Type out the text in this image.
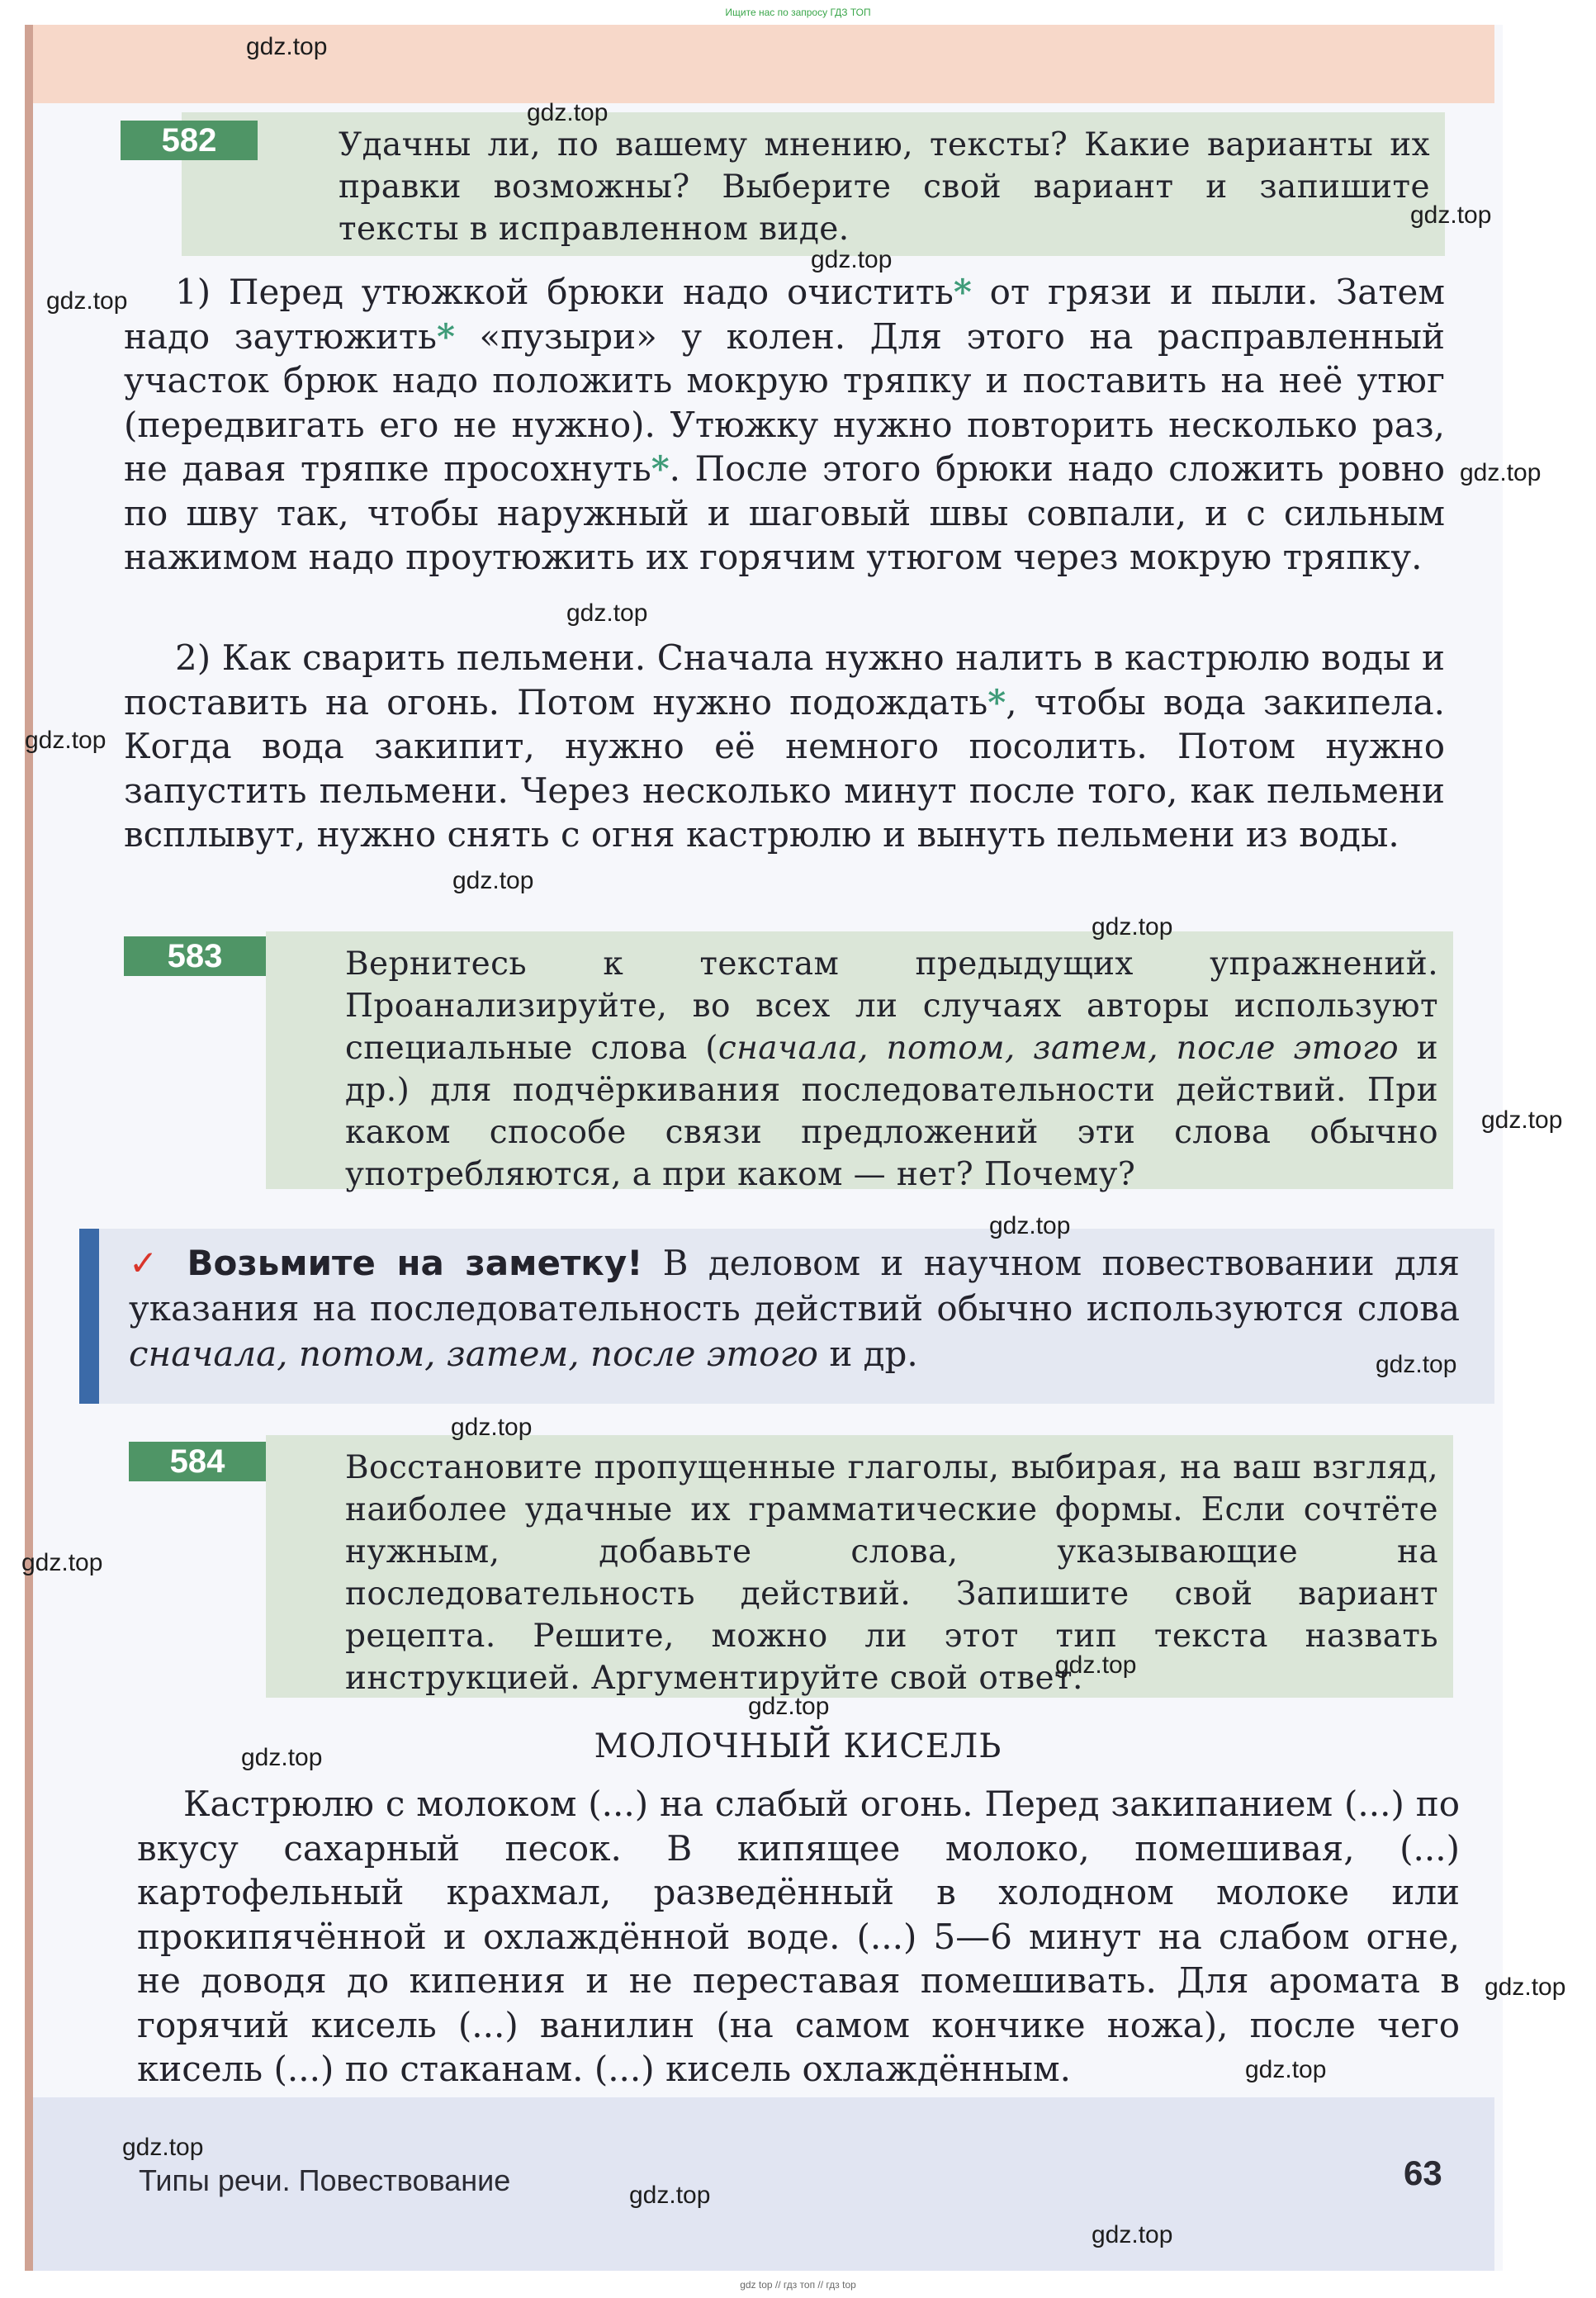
Ищите нас по запросу ГДЗ ТОП

Удачны ли, по вашему мнению, тексты? Какие варианты их правки возможны? Выберите свой вариант и запишите тексты в исправленном виде.

582

1) Перед утюжкой брюки надо очистить* от грязи и пыли. Затем надо заутюжить* «пузыри» у колен. Для этого на расправленный участок брюк надо положить мокрую тряпку и поставить на неё утюг (передвигать его не нужно). Утюжку нужно повторить несколько раз, не давая тряпке просохнуть*. После этого брюки надо сложить ровно по шву так, чтобы наружный и шаговый швы совпали, и с сильным нажимом надо проутюжить их горячим утюгом через мокрую тряпку.

2) Как сварить пельмени. Сначала нужно налить в кастрюлю воды и поставить на огонь. Потом нужно подождать*, чтобы вода закипела. Когда вода закипит, нужно её немного посолить. Потом нужно запустить пельмени. Через несколько минут после того, как пельмени всплывут, нужно снять с огня кастрюлю и вынуть пельмени из воды.

Вернитесь к текстам предыдущих упражнений. Проанализируйте, во всех ли случаях авторы используют специальные слова (сначала, потом, затем, после этого и др.) для подчёркивания последовательности действий. При каком способе связи предложений эти слова обычно употребляются, а при каком — нет? Почему?

583

✓ Возьмите на заметку! В деловом и научном повествовании для указания на последовательность действий обычно используются слова сначала, потом, затем, после этого и др.

Восстановите пропущенные глаголы, выбирая, на ваш взгляд, наиболее удачные их грамматические формы. Если сочтёте нужным, добавьте слова, указывающие на последовательность действий. Запишите свой вариант рецепта. Решите, можно ли этот тип текста назвать инструкцией. Аргументируйте свой ответ.

584
МОЛОЧНЫЙ КИСЕЛЬ

Кастрюлю с молоком (...) на слабый огонь. Перед закипанием (...) по вкусу сахарный песок. В кипящее молоко, помешивая, (...) картофельный крахмал, разведённый в холодном молоке или прокипячённой и охлаждённой воде. (...) 5—6 минут на слабом огне, не доводя до кипения и не переставая помешивать. Для аромата в горячий кисель (...) ванилин (на самом кончике ножа), после чего кисель (...) по стаканам. (...) кисель охлаждённым.

Типы речи. Повествование	63
gdz.top
gdz.top
gdz.top
gdz.top
gdz.top
gdz.top
gdz.top
gdz.top
gdz.top
gdz.top
gdz.top
gdz.top
gdz.top
gdz.top
gdz.top
gdz.top
gdz.top
gdz.top
gdz.top
gdz.top
gdz.top
gdz.top
gdz.top
gdz top // гдз топ // гдз top
